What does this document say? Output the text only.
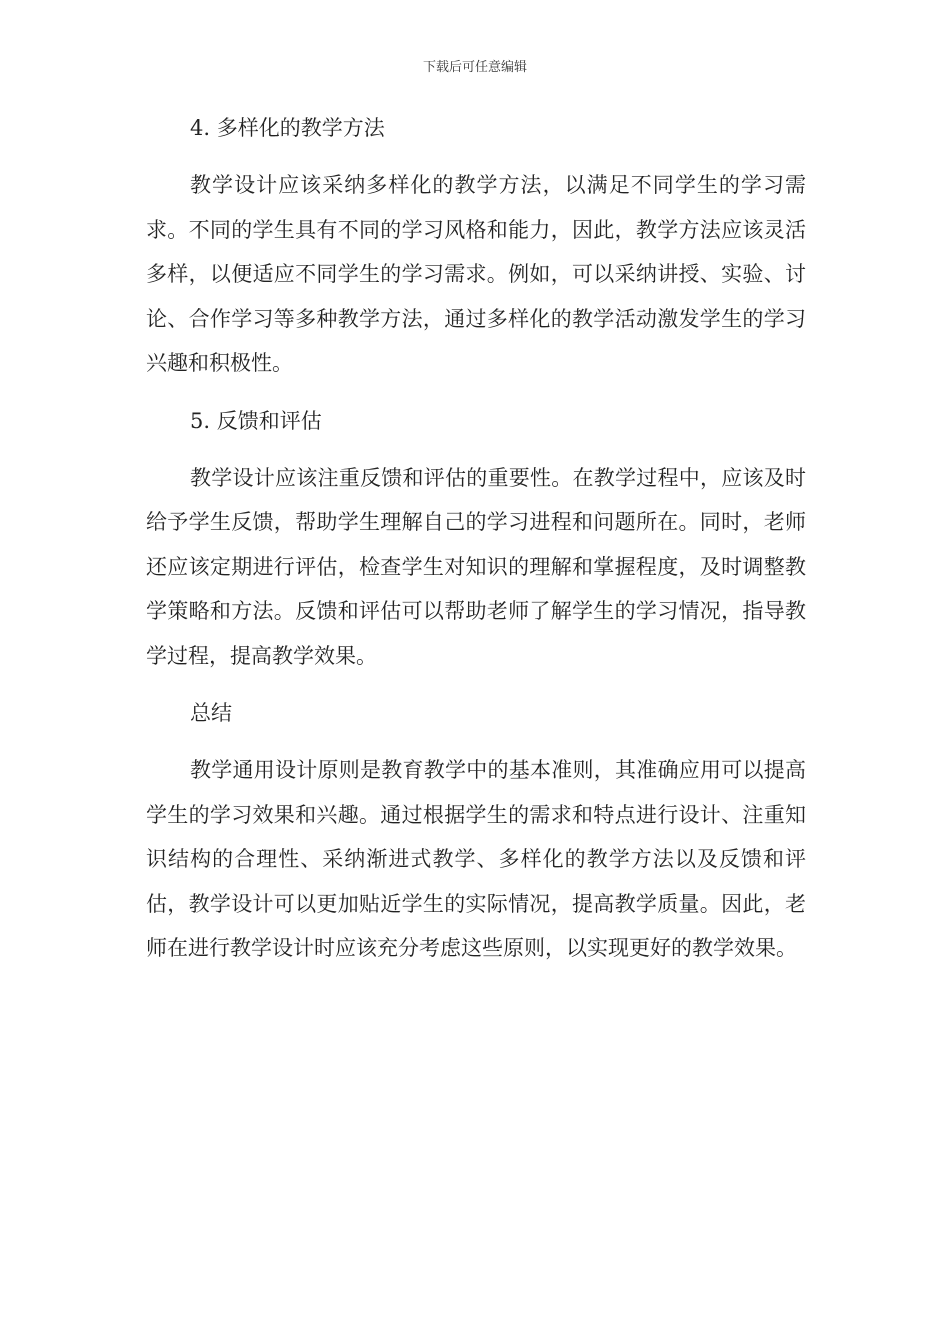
下载后可任意编辑
4. 多样化的教学方法
教学设计应该采纳多样化的教学方法，以满足不同学生的学习需求。不同的学生具有不同的学习风格和能力，因此，教学方法应该灵活多样，以便适应不同学生的学习需求。例如，可以采纳讲授、实验、讨论、合作学习等多种教学方法，通过多样化的教学活动激发学生的学习兴趣和积极性。
5. 反馈和评估
教学设计应该注重反馈和评估的重要性。在教学过程中，应该及时给予学生反馈，帮助学生理解自己的学习进程和问题所在。同时，老师还应该定期进行评估，检查学生对知识的理解和掌握程度，及时调整教学策略和方法。反馈和评估可以帮助老师了解学生的学习情况，指导教学过程，提高教学效果。
总结
教学通用设计原则是教育教学中的基本准则，其准确应用可以提高学生的学习效果和兴趣。通过根据学生的需求和特点进行设计、注重知识结构的合理性、采纳渐进式教学、多样化的教学方法以及反馈和评估，教学设计可以更加贴近学生的实际情况，提高教学质量。因此，老师在进行教学设计时应该充分考虑这些原则，以实现更好的教学效果。
